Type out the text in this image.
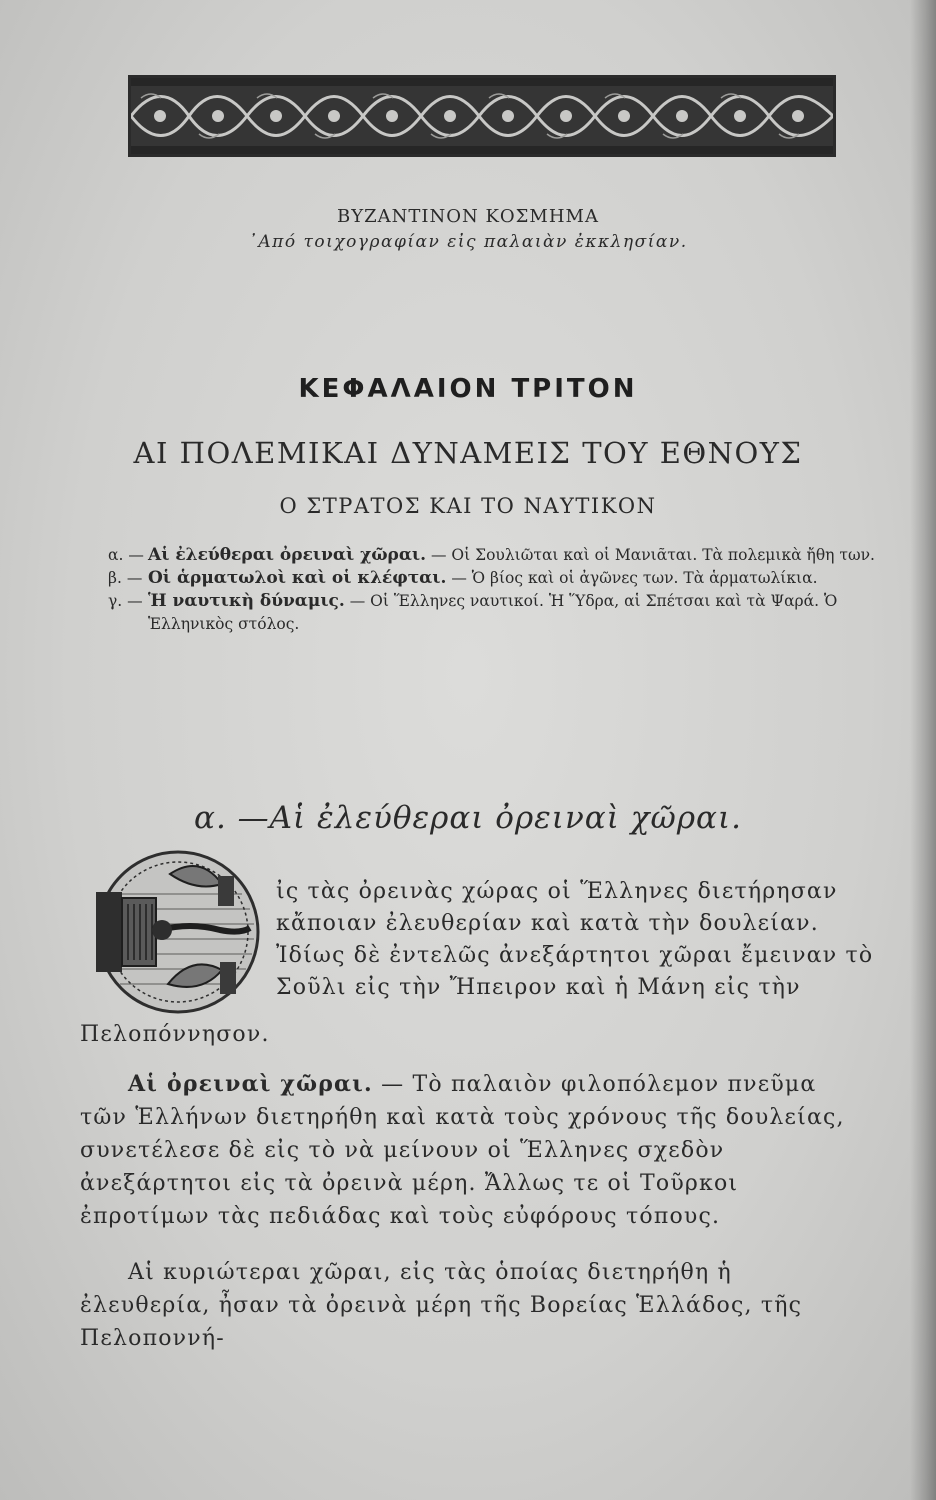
ΒΥΖΑΝΤΙΝΟΝ ΚΟΣΜΗΜΑ
᾿Από τοιχογραφίαν εἰς παλαιὰν ἐκκλησίαν.
ΚΕΦΑΛΑΙΟΝ ΤΡΙΤΟΝ
ΑΙ ΠΟΛΕΜΙΚΑΙ ΔΥΝΑΜΕΙΣ ΤΟΥ ΕΘΝΟΥΣ
Ο ΣΤΡΑΤΟΣ ΚΑΙ ΤΟ ΝΑΥΤΙΚΟΝ
α. — Αἱ ἐλεύθεραι ὀρειναὶ χῶραι. — Οἱ Σουλιῶται καὶ οἱ Μανιᾶται. Τὰ πολεμικὰ ἤθη των.
β. — Οἱ ἁρματωλοὶ καὶ οἱ κλέφται. — Ὁ βίος καὶ οἱ ἀγῶνες των. Τὰ ἁρματωλίκια.
γ. — Ἡ ναυτικὴ δύναμις. — Οἱ Ἕλληνες ναυτικοί. Ἡ Ὕδρα, αἱ Σπέτσαι καὶ τὰ Ψαρά. Ὁ Ἑλληνικὸς στόλος.
α. —Αἱ ἐλεύθεραι ὀρειναὶ χῶραι.
ἰς τὰς ὀρεινὰς χώρας οἱ Ἕλληνες διετήρησαν κἄποιαν ἐλευθερίαν καὶ κατὰ τὴν δουλείαν. Ἰδίως δὲ ἐντελῶς ἀνεξάρτητοι χῶραι ἔμειναν τὸ Σοῦλι εἰς τὴν Ἤπειρον καὶ ἡ Μάνη εἰς τὴν
Πελοπόννησον.
Αἱ ὀρειναὶ χῶραι. — Τὸ παλαιὸν φιλοπόλεμον πνεῦμα τῶν Ἑλλήνων διετηρήθη καὶ κατὰ τοὺς χρόνους τῆς δουλείας, συνετέλεσε δὲ εἰς τὸ νὰ μείνουν οἱ Ἕλληνες σχεδὸν ἀνεξάρτητοι εἰς τὰ ὀρεινὰ μέρη. Ἄλλως τε οἱ Τοῦρκοι ἐπροτίμων τὰς πεδιάδας καὶ τοὺς εὐφόρους τόπους.
Αἱ κυριώτεραι χῶραι, εἰς τὰς ὁποίας διετηρήθη ἡ ἐλευθερία, ἦσαν τὰ ὀρεινὰ μέρη τῆς Βορείας Ἑλλάδος, τῆς Πελοποννή-
